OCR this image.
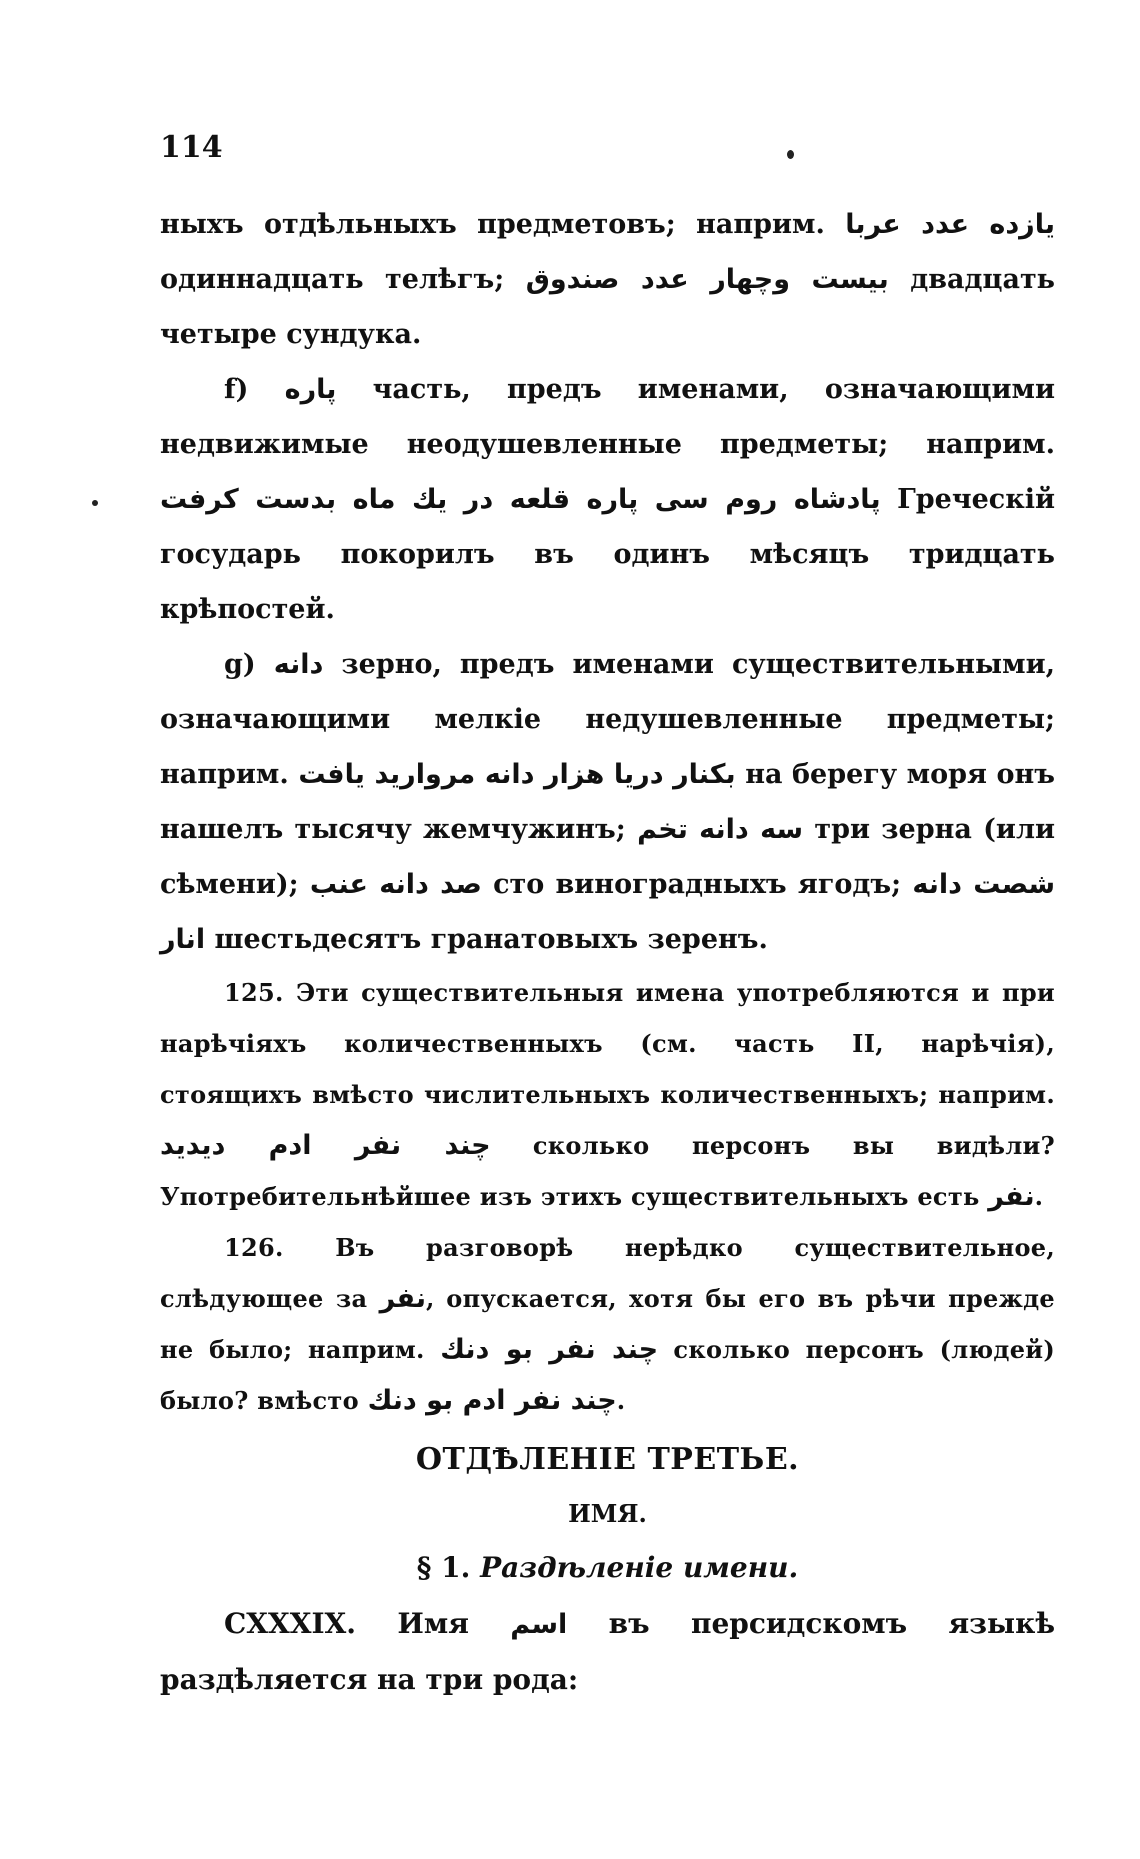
114

ныхъ отдѣльныхъ предметовъ; наприм. یازده عدد عربا одиннадцать телѣгъ; بیست وچهار عدد صندوق двадцать четыре сундука.

f) پاره часть, предъ именами, означающими недвижимые неодушевленные предметы; наприм. پادشاه روم سی پاره قلعه در یك ماه بدست کرفت Греческій государь покорилъ въ одинъ мѣсяцъ тридцать крѣпостей.

g) دانه зерно, предъ именами существительными, означающими мелкіе недушевленные предметы; наприм. بکنار دریا هزار دانه مروارید یافت на берегу моря онъ нашелъ тысячу жемчужинъ; سه دانه تخم три зерна (или сѣмени); صد دانه عنب сто виноградныхъ ягодъ; شصت دانه انار шестьдесятъ гранатовыхъ зеренъ.

125. Эти существительныя имена употребляются и при нарѣчіяхъ количественныхъ (см. часть II, нарѣчія), стоящихъ вмѣсто числительныхъ количественныхъ; наприм. چند نفر ادم دیدید сколько персонъ вы видѣли? Употребительнѣйшее изъ этихъ существительныхъ есть نفر.

126. Въ разговорѣ нерѣдко существительное, слѣдующее за نفر, опускается, хотя бы его въ рѣчи прежде не было; наприм. چند نفر بو دنك сколько персонъ (людей) было? вмѣсто چند نفر ادم بو دنك.

ОТДѢЛЕНІЕ ТРЕТЬЕ.
ИМЯ.
§ 1. Раздѣленіе имени.

CXXXIX. Имя اسم въ персидскомъ языкѣ раздѣляется на три рода:
